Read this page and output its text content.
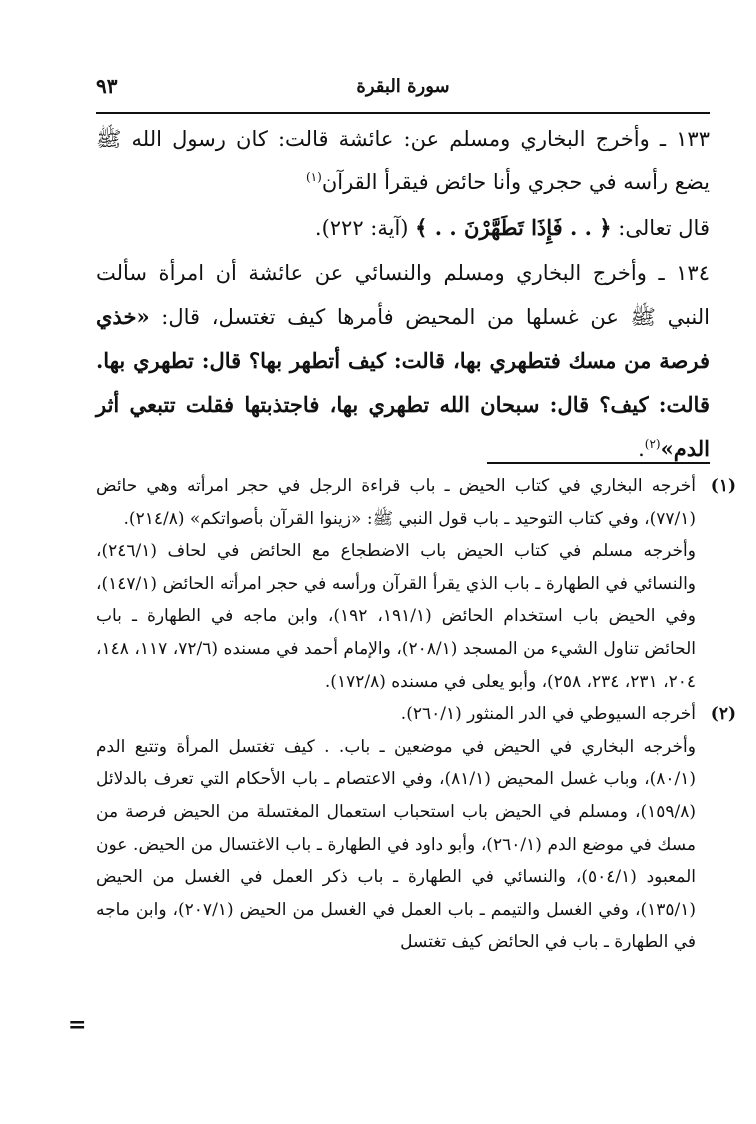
٩٣	سورة البقرة

١٣٣ ـ وأخرج البخاري ومسلم عن: عائشة قالت: كان رسول الله ﷺ يضع رأسه في حجري وأنا حائض فيقرأ القرآن$^{(١)}$

قال تعالى: ﴿ . . فَإِذَا تَطَهَّرْنَ . . ﴾ (آية: ٢٢٢).

١٣٤ ـ وأخرج البخاري ومسلم والنسائي عن عائشة أن امرأة سألت النبي ﷺ عن غسلها من المحيض فأمرها كيف تغتسل، قال: «خذي فرصة من مسك فتطهري بها، قالت: كيف أتطهر بها؟ قال: تطهري بها. قالت: كيف؟ قال: سبحان الله تطهري بها، فاجتذبتها فقلت تتبعي أثر الدم»$^{(٢)}$.

(١)

أخرجه البخاري في كتاب الحيض ـ باب قراءة الرجل في حجر امرأته وهي حائض (٧٧/١)، وفي كتاب التوحيد ـ باب قول النبي ﷺ: «زينوا القرآن بأصواتكم» (٢١٤/٨).

وأخرجه مسلم في كتاب الحيض باب الاضطجاع مع الحائض في لحاف (٢٤٦/١)، والنسائي في الطهارة ـ باب الذي يقرأ القرآن ورأسه في حجر امرأته الحائض (١٤٧/١)، وفي الحيض باب استخدام الحائض (١٩١/١، ١٩٢)، وابن ماجه في الطهارة ـ باب الحائض تناول الشيء من المسجد (٢٠٨/١)، والإمام أحمد في مسنده (٧٢/٦، ١١٧، ١٤٨، ٢٠٤، ٢٣١، ٢٣٤، ٢٥٨)، وأبو يعلى في مسنده (١٧٢/٨).

(٢)

أخرجه السيوطي في الدر المنثور (٢٦٠/١).

وأخرجه البخاري في الحيض في موضعين ـ باب. . كيف تغتسل المرأة وتتبع الدم (٨٠/١)، وباب غسل المحيض (٨١/١)، وفي الاعتصام ـ باب الأحكام التي تعرف بالدلائل (١٥٩/٨)، ومسلم في الحيض باب استحباب استعمال المغتسلة من الحيض فرصة من مسك في موضع الدم (٢٦٠/١)، وأبو داود في الطهارة ـ باب الاغتسال من الحيض. عون المعبود (٥٠٤/١)، والنسائي في الطهارة ـ باب ذكر العمل في الغسل من الحيض (١٣٥/١)، وفي الغسل والتيمم ـ باب العمل في الغسل من الحيض (٢٠٧/١)، وابن ماجه في الطهارة ـ باب في الحائض كيف تغتسل

=
